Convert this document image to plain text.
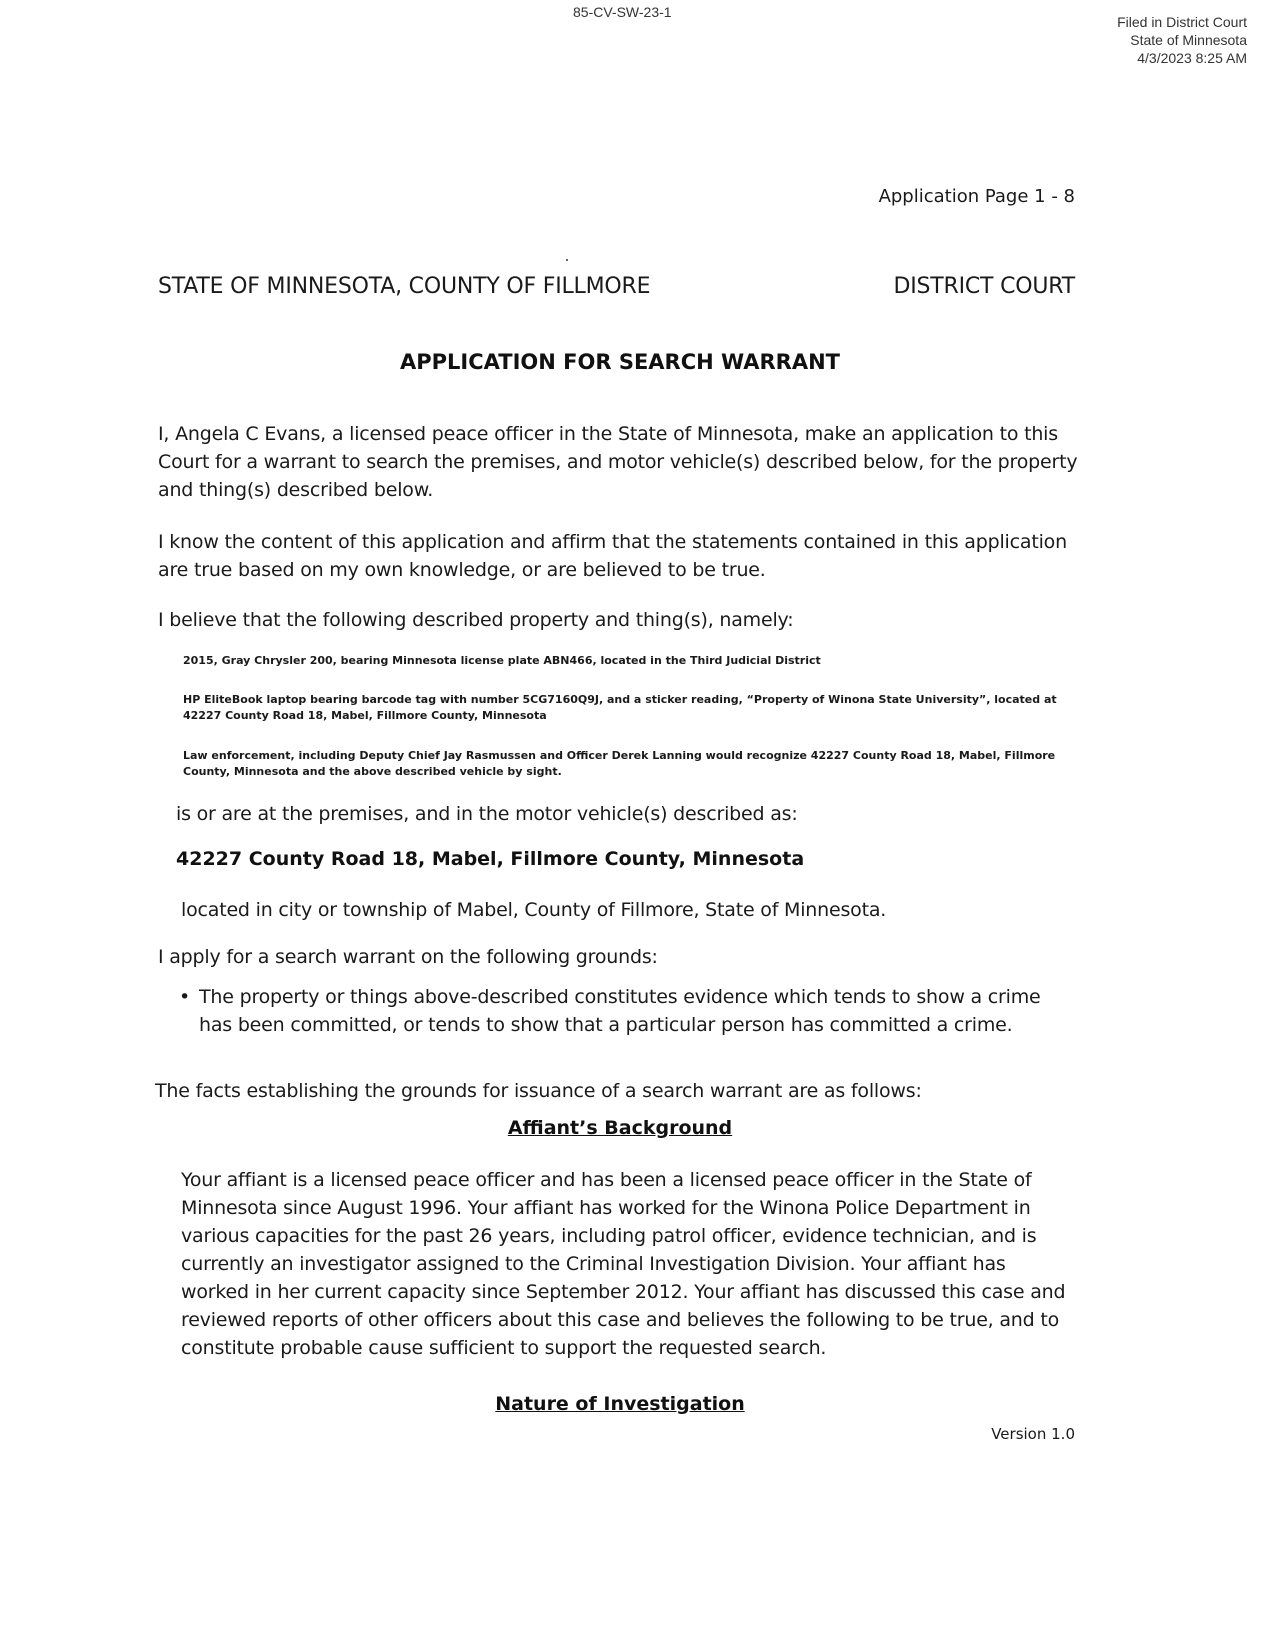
85-CV-SW-23-1
Filed in District Court
State of Minnesota
4/3/2023 8:25 AM
Application Page 1 - 8
STATE OF MINNESOTA, COUNTY OF FILLMORE	DISTRICT COURT
APPLICATION FOR SEARCH WARRANT
I, Angela C Evans, a licensed peace officer in the State of Minnesota, make an application to this Court for a warrant to search the premises, and motor vehicle(s) described below, for the property and thing(s) described below.
I know the content of this application and affirm that the statements contained in this application are true based on my own knowledge, or are believed to be true.
I believe that the following described property and thing(s), namely:
2015, Gray Chrysler 200, bearing Minnesota license plate ABN466, located in the Third Judicial District
HP EliteBook laptop bearing barcode tag with number 5CG7160Q9J, and a sticker reading, “Property of Winona State University”, located at 42227 County Road 18, Mabel, Fillmore County, Minnesota
Law enforcement, including Deputy Chief Jay Rasmussen and Officer Derek Lanning would recognize 42227 County Road 18, Mabel, Fillmore County, Minnesota and the above described vehicle by sight.
is or are at the premises, and in the motor vehicle(s) described as:
42227 County Road 18, Mabel, Fillmore County, Minnesota
located in city or township of Mabel, County of Fillmore, State of Minnesota.
I apply for a search warrant on the following grounds:
• The property or things above-described constitutes evidence which tends to show a crime has been committed, or tends to show that a particular person has committed a crime.
The facts establishing the grounds for issuance of a search warrant are as follows:
Affiant’s Background
Your affiant is a licensed peace officer and has been a licensed peace officer in the State of Minnesota since August 1996. Your affiant has worked for the Winona Police Department in various capacities for the past 26 years, including patrol officer, evidence technician, and is currently an investigator assigned to the Criminal Investigation Division. Your affiant has worked in her current capacity since September 2012. Your affiant has discussed this case and reviewed reports of other officers about this case and believes the following to be true, and to constitute probable cause sufficient to support the requested search.
Nature of Investigation
Version 1.0
